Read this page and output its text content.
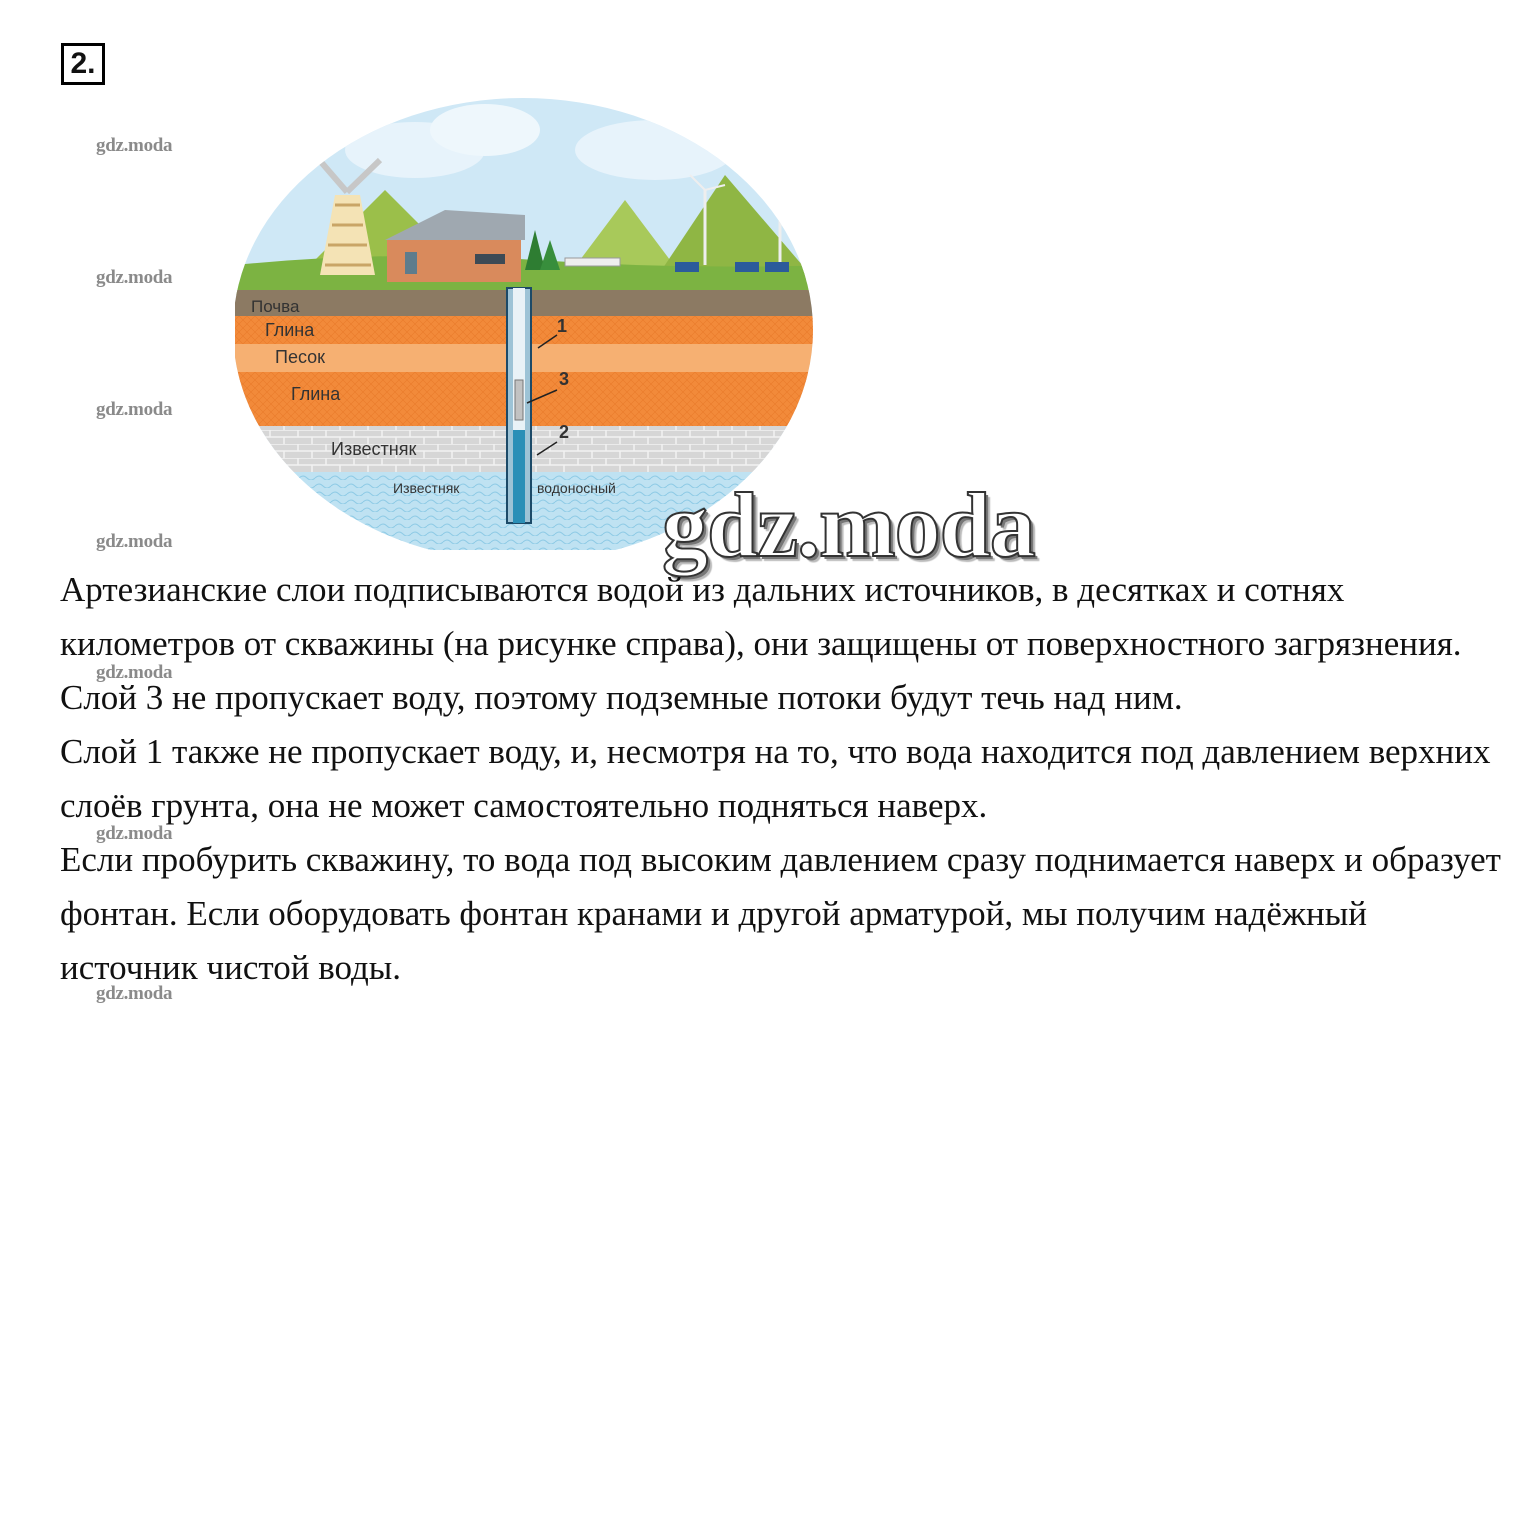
2.
gdz.moda
gdz.moda
gdz.moda
gdz.moda
gdz.moda
gdz.moda
gdz.moda
Почва
Глина
Песок
Глина
Известняк
Известняк	водоносный
1
3
2
gdz.moda

Артезианские слои подписываются водой из дальних источников, в десятках и сотнях километров от скважины (на рисунке справа), они защищены от поверхностного загрязнения.

Слой 3 не пропускает воду, поэтому подземные потоки будут течь над ним.

Слой 1 также не пропускает воду, и, несмотря на то, что вода находится под давлением верхних слоёв грунта, она не может самостоятельно подняться наверх.

Если пробурить скважину, то вода под высоким давлением сразу поднимается наверх и образует фонтан. Если оборудовать фонтан кранами и другой арматурой, мы получим надёжный источник чистой воды.
